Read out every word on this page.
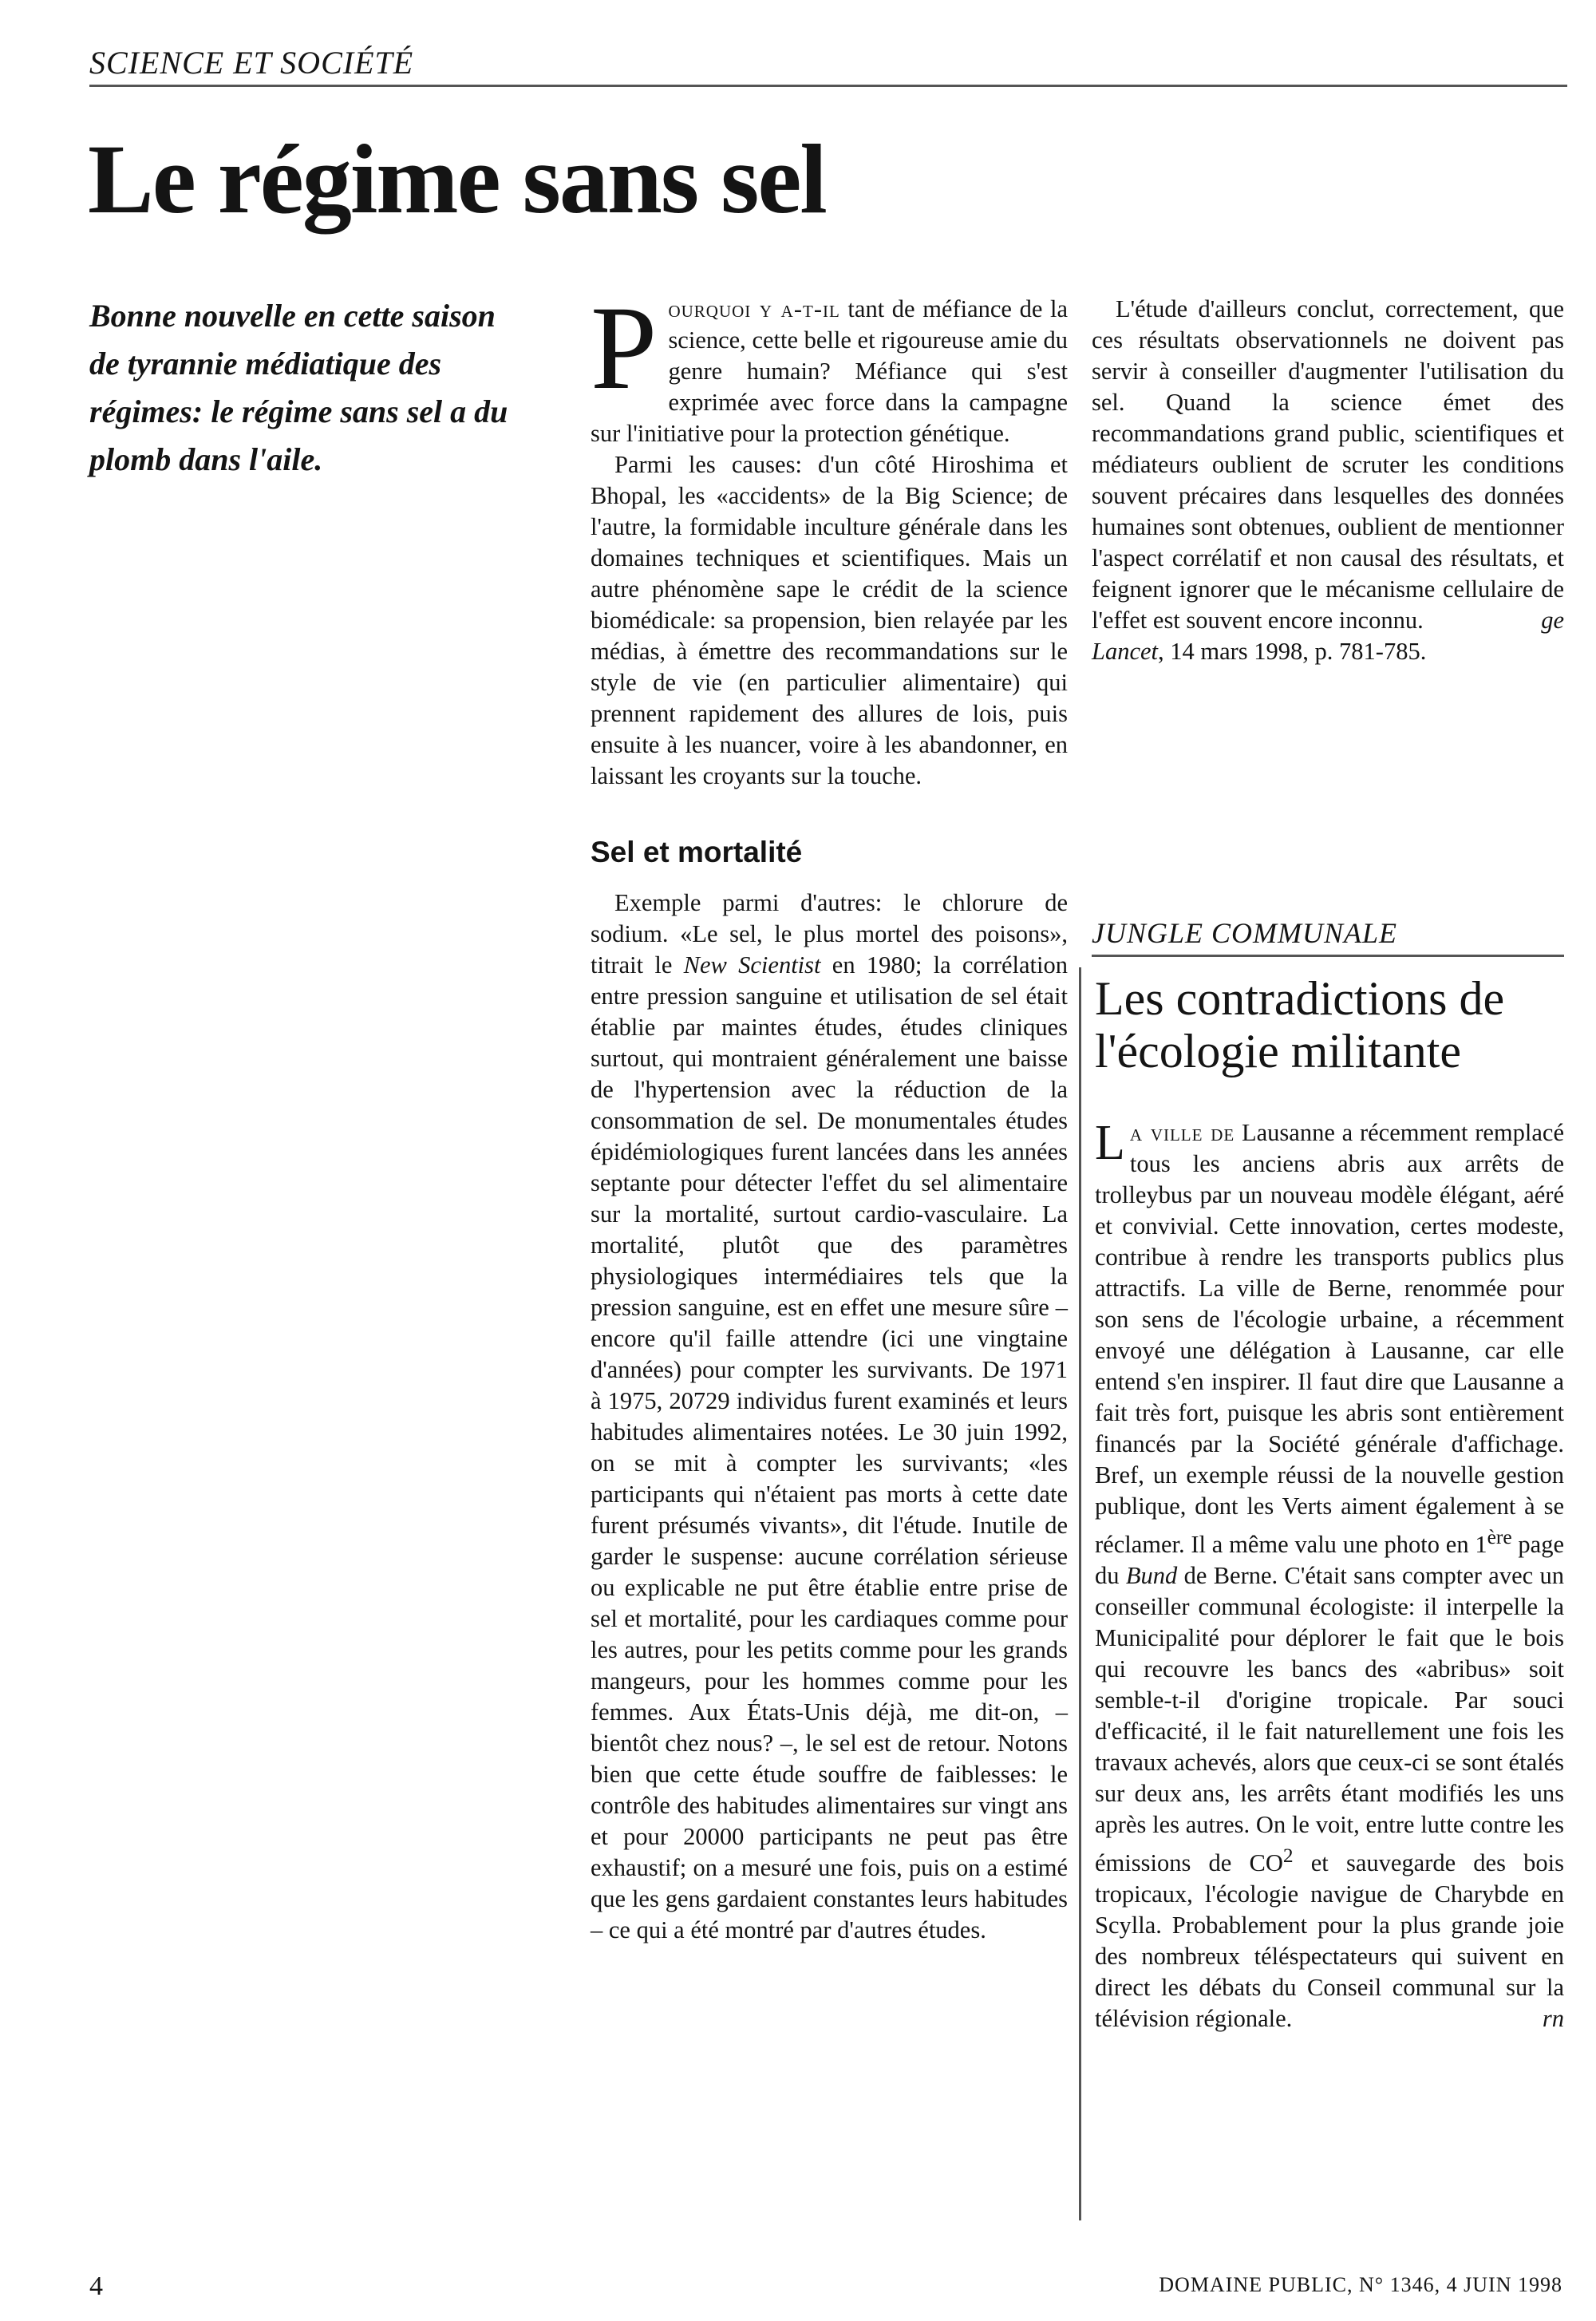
SCIENCE ET SOCIÉTÉ
Le régime sans sel
Bonne nouvelle en cette saison de tyrannie médiatique des régimes: le régime sans sel a du plomb dans l'aile.

Pourquoi y a-t-il tant de méfiance de la science, cette belle et rigoureuse amie du genre humain? Méfiance qui s'est exprimée avec force dans la campagne sur l'initiative pour la protection génétique.

Parmi les causes: d'un côté Hiroshima et Bhopal, les «accidents» de la Big Science; de l'autre, la formidable inculture générale dans les domaines techniques et scientifiques. Mais un autre phénomène sape le crédit de la science biomédicale: sa propension, bien relayée par les médias, à émettre des recommandations sur le style de vie (en particulier alimentaire) qui prennent rapidement des allures de lois, puis ensuite à les nuancer, voire à les abandonner, en laissant les croyants sur la touche.

Sel et mortalité

Exemple parmi d'autres: le chlorure de sodium. «Le sel, le plus mortel des poisons», titrait le New Scientist en 1980; la corrélation entre pression sanguine et utilisation de sel était établie par maintes études, études cliniques surtout, qui montraient généralement une baisse de l'hypertension avec la réduction de la consommation de sel. De monumentales études épidémiologiques furent lancées dans les années septante pour détecter l'effet du sel alimentaire sur la mortalité, surtout cardio-vasculaire. La mortalité, plutôt que des paramètres physiologiques intermédiaires tels que la pression sanguine, est en effet une mesure sûre – encore qu'il faille attendre (ici une vingtaine d'années) pour compter les survivants. De 1971 à 1975, 20729 individus furent examinés et leurs habitudes alimentaires notées. Le 30 juin 1992, on se mit à compter les survivants; «les participants qui n'étaient pas morts à cette date furent présumés vivants», dit l'étude. Inutile de garder le suspense: aucune corrélation sérieuse ou explicable ne put être établie entre prise de sel et mortalité, pour les cardiaques comme pour les autres, pour les petits comme pour les grands mangeurs, pour les hommes comme pour les femmes. Aux États-Unis déjà, me dit-on, – bientôt chez nous? –, le sel est de retour. Notons bien que cette étude souffre de faiblesses: le contrôle des habitudes alimentaires sur vingt ans et pour 20000 participants ne peut pas être exhaustif; on a mesuré une fois, puis on a estimé que les gens gardaient constantes leurs habitudes – ce qui a été montré par d'autres études.

JUNGLE COMMUNALE
Les contradictions de l'écologie militante

La ville de Lausanne a récemment remplacé tous les anciens abris aux arrêts de trolleybus par un nouveau modèle élégant, aéré et convivial. Cette innovation, certes modeste, contribue à rendre les transports publics plus attractifs. La ville de Berne, renommée pour son sens de l'écologie urbaine, a récemment envoyé une délégation à Lausanne, car elle entend s'en inspirer. Il faut dire que Lausanne a fait très fort, puisque les abris sont entièrement financés par la Société générale d'affichage. Bref, un exemple réussi de la nouvelle gestion publique, dont les Verts aiment également à se réclamer. Il a même valu une photo en 1ère page du Bund de Berne. C'était sans compter avec un conseiller communal écologiste: il interpelle la Municipalité pour déplorer le fait que le bois qui recouvre les bancs des «abribus» soit semble-t-il d'origine tropicale. Par souci d'efficacité, il le fait naturellement une fois les travaux achevés, alors que ceux-ci se sont étalés sur deux ans, les arrêts étant modifiés les uns après les autres. On le voit, entre lutte contre les émissions de $CO^2$ et sauvegarde des bois tropicaux, l'écologie navigue de Charybde en Scylla. Probablement pour la plus grande joie des nombreux téléspectateurs qui suivent en direct les débats du Conseil communal sur la télévision régionale.	rn

L'étude d'ailleurs conclut, correctement, que ces résultats observationnels ne doivent pas servir à conseiller d'augmenter l'utilisation du sel. Quand la science émet des recommandations grand public, scientifiques et médiateurs oublient de scruter les conditions souvent précaires dans lesquelles des données humaines sont obtenues, oublient de mentionner l'aspect corrélatif et non causal des résultats, et feignent ignorer que le mécanisme cellulaire de l'effet est souvent encore inconnu.	ge

Lancet, 14 mars 1998, p. 781-785.

4	DOMAINE PUBLIC, N° 1346, 4 JUIN 1998
